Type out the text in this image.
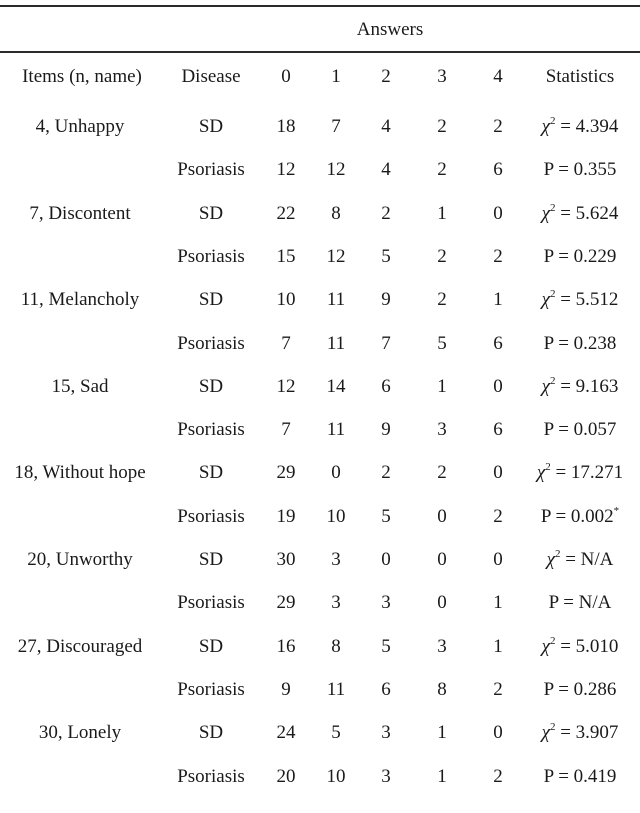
Answers
Items (n, name)	Disease	0	1	2	3	4	Statistics
4, Unhappy	SD	18	7	4	2	2	$\chi^2 = 4.394$
Psoriasis	12	12	4	2	6	P = 0.355
7, Discontent	SD	22	8	2	1	0	$\chi^2 = 5.624$
Psoriasis	15	12	5	2	2	P = 0.229
11, Melancholy	SD	10	11	9	2	1	$\chi^2 = 5.512$
Psoriasis	7	11	7	5	6	P = 0.238
15, Sad	SD	12	14	6	1	0	$\chi^2 = 9.163$
Psoriasis	7	11	9	3	6	P = 0.057
18, Without hope	SD	29	0	2	2	0	$\chi^2 = 17.271$
Psoriasis	19	10	5	0	2	P = 0.002*
20, Unworthy	SD	30	3	0	0	0	$\chi^2 = N/A$
Psoriasis	29	3	3	0	1	P = N/A
27, Discouraged	SD	16	8	5	3	1	$\chi^2 = 5.010$
Psoriasis	9	11	6	8	2	P = 0.286
30, Lonely	SD	24	5	3	1	0	$\chi^2 = 3.907$
Psoriasis	20	10	3	1	2	P = 0.419
